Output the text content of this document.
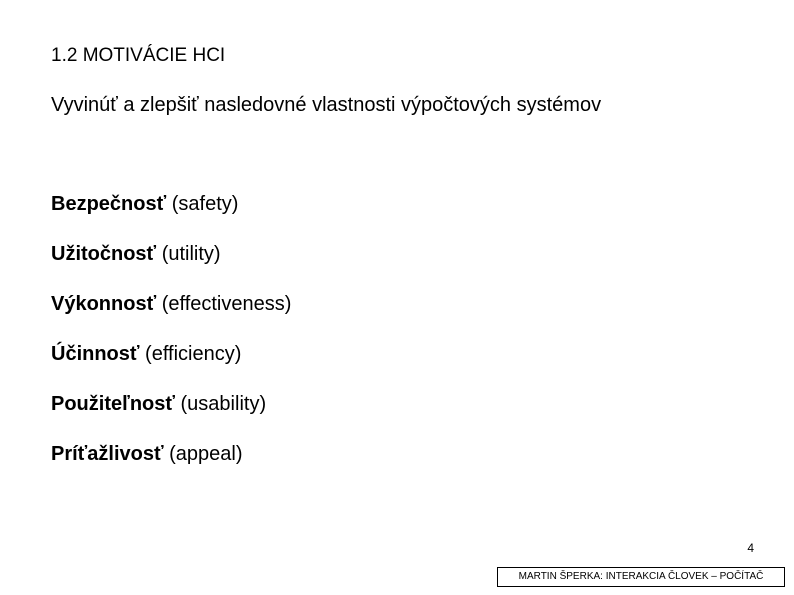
1.2 MOTIVÁCIE HCI

Vyvinúť a zlepšiť nasledovné vlastnosti výpočtových systémov

Bezpečnosť (safety)
Užitočnosť (utility)
Výkonnosť (effectiveness)
Účinnosť (efficiency)
Použiteľnosť (usability)
Príťažlivosť (appeal)
4
MARTIN ŠPERKA: INTERAKCIA ČLOVEK – POČÍTAČ
